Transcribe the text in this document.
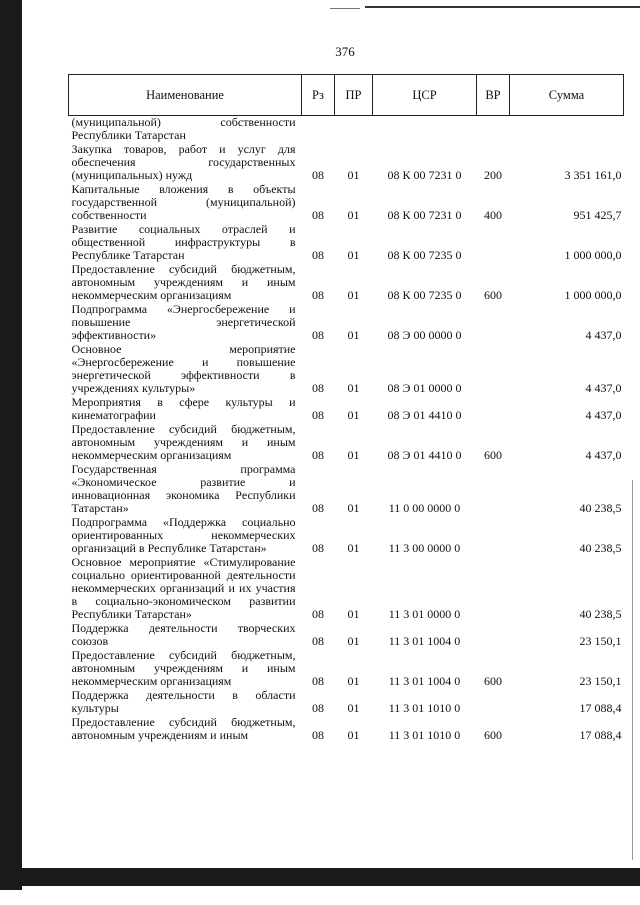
376
Наименование	Рз	ПР	ЦСР	ВР	Сумма
(муниципальной) собственности Республики Татарстан					
Закупка товаров, работ и услуг для обеспечения государственных (муниципальных) нужд	08	01	08 К 00 7231 0	200	3 351 161,0
Капитальные вложения в объекты государственной (муниципальной) собственности	08	01	08 К 00 7231 0	400	951 425,7
Развитие социальных отраслей и общественной инфраструктуры в Республике Татарстан	08	01	08 К 00 7235 0		1 000 000,0
Предоставление субсидий бюджетным, автономным учреждениям и иным некоммерческим организациям	08	01	08 К 00 7235 0	600	1 000 000,0
Подпрограмма «Энергосбережение и повышение энергетической эффективности»	08	01	08 Э 00 0000 0		4 437,0
Основное мероприятие «Энергосбережение и повышение энергетической эффективности в учреждениях культуры»	08	01	08 Э 01 0000 0		4 437,0
Мероприятия в сфере культуры и кинематографии	08	01	08 Э 01 4410 0		4 437,0
Предоставление субсидий бюджетным, автономным учреждениям и иным некоммерческим организациям	08	01	08 Э 01 4410 0	600	4 437,0
Государственная программа «Экономическое развитие и инновационная экономика Республики Татарстан»	08	01	11 0 00 0000 0		40 238,5
Подпрограмма «Поддержка социально ориентированных некоммерческих организаций в Республике Татарстан»	08	01	11 3 00 0000 0		40 238,5
Основное мероприятие «Стимулирование социально ориентированной деятельности некоммерческих организаций и их участия в социально-экономическом развитии Республики Татарстан»	08	01	11 3 01 0000 0		40 238,5
Поддержка деятельности творческих союзов	08	01	11 3 01 1004 0		23 150,1
Предоставление субсидий бюджетным, автономным учреждениям и иным некоммерческим организациям	08	01	11 3 01 1004 0	600	23 150,1
Поддержка деятельности в области культуры	08	01	11 3 01 1010 0		17 088,4
Предоставление субсидий бюджетным, автономным учреждениям и иным	08	01	11 3 01 1010 0	600	17 088,4
